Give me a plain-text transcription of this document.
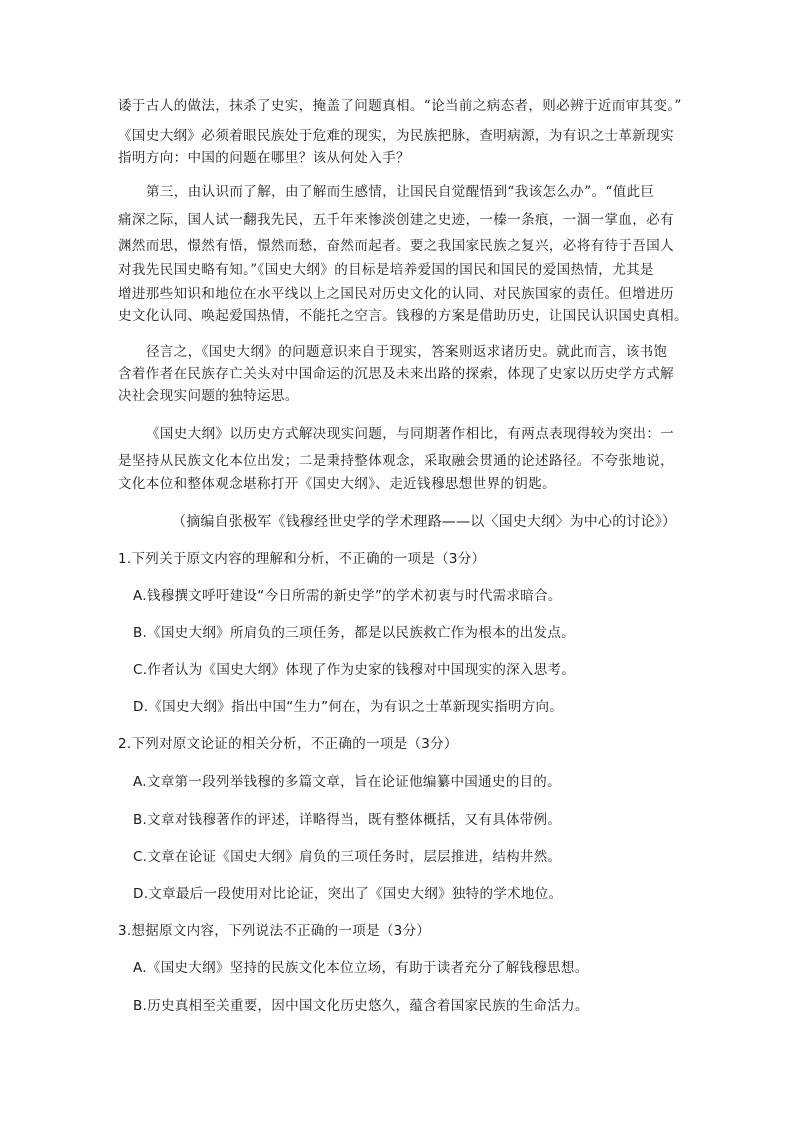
诿于古人的做法，抹杀了史实，掩盖了问题真相。“论当前之病态者，则必辨于近而审其变。”
《国史大纲》必须着眼民族处于危难的现实，为民族把脉，查明病源，为有识之士革新现实
指明方向：中国的问题在哪里？该从何处入手？
第三，由认识而了解，由了解而生感情，让国民自觉醒悟到“我该怎么办”。“值此巨
痛深之际，国人试一翻我先民，五千年来惨淡创建之史迹，一榛一条痕，一涸一掌血，必有
渊然而思，憬然有悟，憬然而愁，奋然而起者。要之我国家民族之复兴，必将有待于吾国人
对我先民国史略有知。”《国史大纲》的目标是培养爱国的国民和国民的爱国热情，尤其是
增进那些知识和地位在水平线以上之国民对历史文化的认同、对民族国家的责任。但增进历
史文化认同、唤起爱国热情，不能托之空言。钱穆的方案是借助历史，让国民认识国史真相。
径言之，《国史大纲》的问题意识来自于现实，答案则返求诸历史。就此而言，该书饱
含着作者在民族存亡关头对中国命运的沉思及未来出路的探索，体现了史家以历史学方式解
决社会现实问题的独特运思。
《国史大纲》以历史方式解决现实问题，与同期著作相比，有两点表现得较为突出：一
是坚持从民族文化本位出发；二是秉持整体观念，采取融会贯通的论述路径。不夸张地说，
文化本位和整体观念堪称打开《国史大纲》、走近钱穆思想世界的钥匙。
（摘编自张极军《钱穆经世史学的学术理路——以〈国史大纲〉为中心的讨论》）
1.下列关于原文内容的理解和分析，不正确的一项是（3分）
A.钱穆撰文呼吁建设“今日所需的新史学”的学术初衷与时代需求暗合。
B.《国史大纲》所肩负的三项任务，都是以民族救亡作为根本的出发点。
C.作者认为《国史大纲》体现了作为史家的钱穆对中国现实的深入思考。
D.《国史大纲》指出中国“生力”何在，为有识之士革新现实指明方向。
2.下列对原文论证的相关分析，不正确的一项是（3分）
A.文章第一段列举钱穆的多篇文章，旨在论证他编纂中国通史的目的。
B.文章对钱穆著作的评述，详略得当，既有整体概括，又有具体带例。
C.文章在论证《国史大纲》肩负的三项任务时，层层推进，结构井然。
D.文章最后一段使用对比论证，突出了《国史大纲》独特的学术地位。
3.想据原文内容，下列说法不正确的一项是（3分）
A.《国史大纲》坚持的民族文化本位立场，有助于读者充分了解钱穆思想。
B.历史真相至关重要，因中国文化历史悠久，蕴含着国家民族的生命活力。
